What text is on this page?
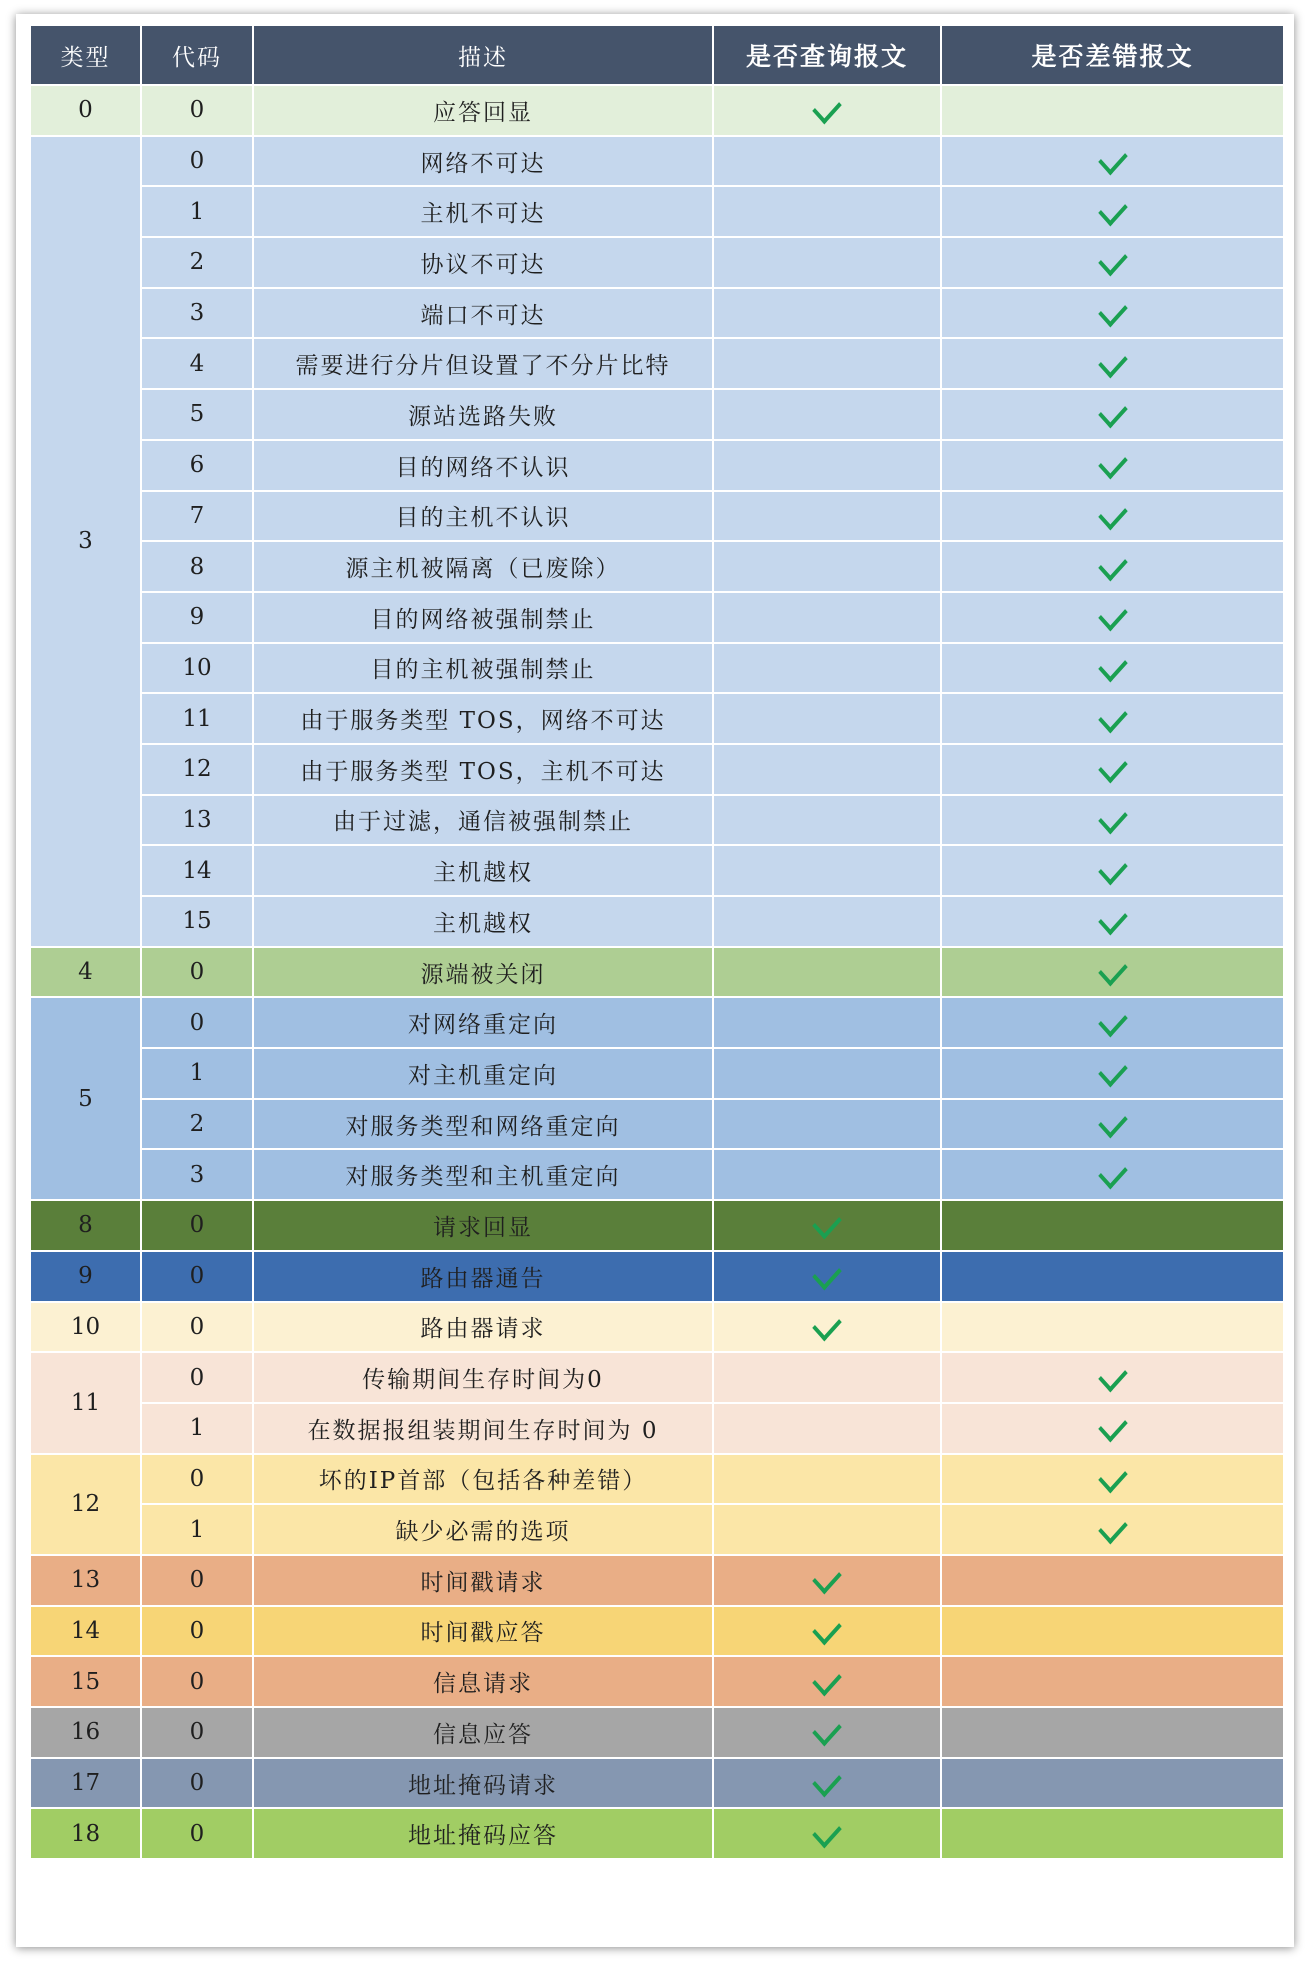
类型	代码	描述	是否查询报文	是否差错报文
0	0	应答回显		
3	0	网络不可达		
	1	主机不可达		
	2	协议不可达		
	3	端口不可达		
	4	需要进行分片但设置了不分片比特		
	5	源站选路失败		
	6	目的网络不认识		
	7	目的主机不认识		
	8	源主机被隔离（已废除）		
	9	目的网络被强制禁止		
	10	目的主机被强制禁止		
	11	由于服务类型 TOS，网络不可达		
	12	由于服务类型 TOS，主机不可达		
	13	由于过滤，通信被强制禁止		
	14	主机越权		
	15	主机越权		
4	0	源端被关闭		
5	0	对网络重定向		
	1	对主机重定向		
	2	对服务类型和网络重定向		
	3	对服务类型和主机重定向		
8	0	请求回显		
9	0	路由器通告		
10	0	路由器请求		
11	0	传输期间生存时间为0		
	1	在数据报组装期间生存时间为 0		
12	0	坏的IP首部（包括各种差错）		
	1	缺少必需的选项		
13	0	时间戳请求		
14	0	时间戳应答		
15	0	信息请求		
16	0	信息应答		
17	0	地址掩码请求		
18	0	地址掩码应答		
